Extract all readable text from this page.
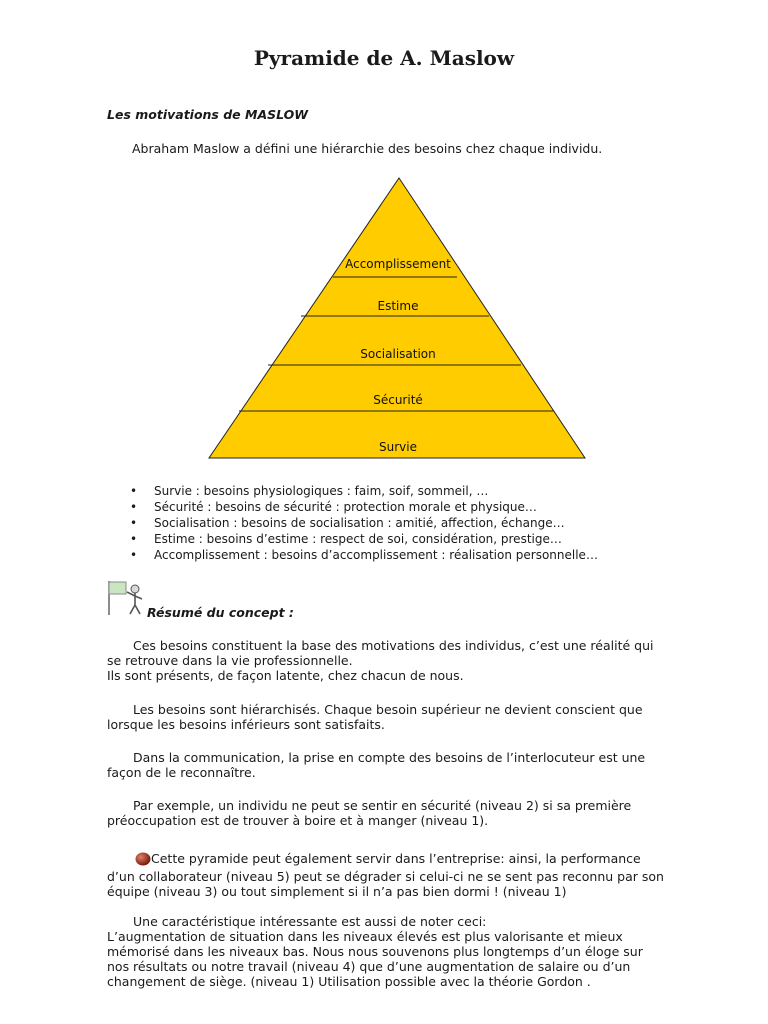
Pyramide de A. Maslow

Les motivations de MASLOW

Abraham Maslow a défini une hiérarchie des besoins chez chaque individu.

Accomplissement
Estime
Socialisation
Sécurité
Survie
• Survie : besoins physiologiques : faim, soif, sommeil, …
• Sécurité : besoins de sécurité : protection morale et physique…
• Socialisation : besoins de socialisation : amitié, affection, échange…
• Estime : besoins d’estime : respect de soi, considération, prestige…
• Accomplissement : besoins d’accomplissement : réalisation personnelle…

Résumé du concept :

Ces besoins constituent la base des motivations des individus, c’est une réalité qui
se retrouve dans la vie professionnelle.
Ils sont présents, de façon latente, chez chacun de nous.
Les besoins sont hiérarchisés. Chaque besoin supérieur ne devient conscient que
lorsque les besoins inférieurs sont satisfaits.
Dans la communication, la prise en compte des besoins de l’interlocuteur est une
façon de le reconnaître.
Par exemple, un individu ne peut se sentir en sécurité (niveau 2) si sa première
préoccupation est de trouver à boire et à manger (niveau 1).
Cette pyramide peut également servir dans l’entreprise: ainsi, la performance
d’un collaborateur (niveau 5) peut se dégrader si celui-ci ne se sent pas reconnu par son
équipe (niveau 3) ou tout simplement si il n’a pas bien dormi ! (niveau 1)
Une caractéristique intéressante est aussi de noter ceci:
L’augmentation de situation dans les niveaux élevés est plus valorisante et mieux
mémorisé dans les niveaux bas. Nous nous souvenons plus longtemps d’un éloge sur
nos résultats ou notre travail (niveau 4) que d’une augmentation de salaire ou d’un
changement de siège. (niveau 1) Utilisation possible avec la théorie Gordon .
